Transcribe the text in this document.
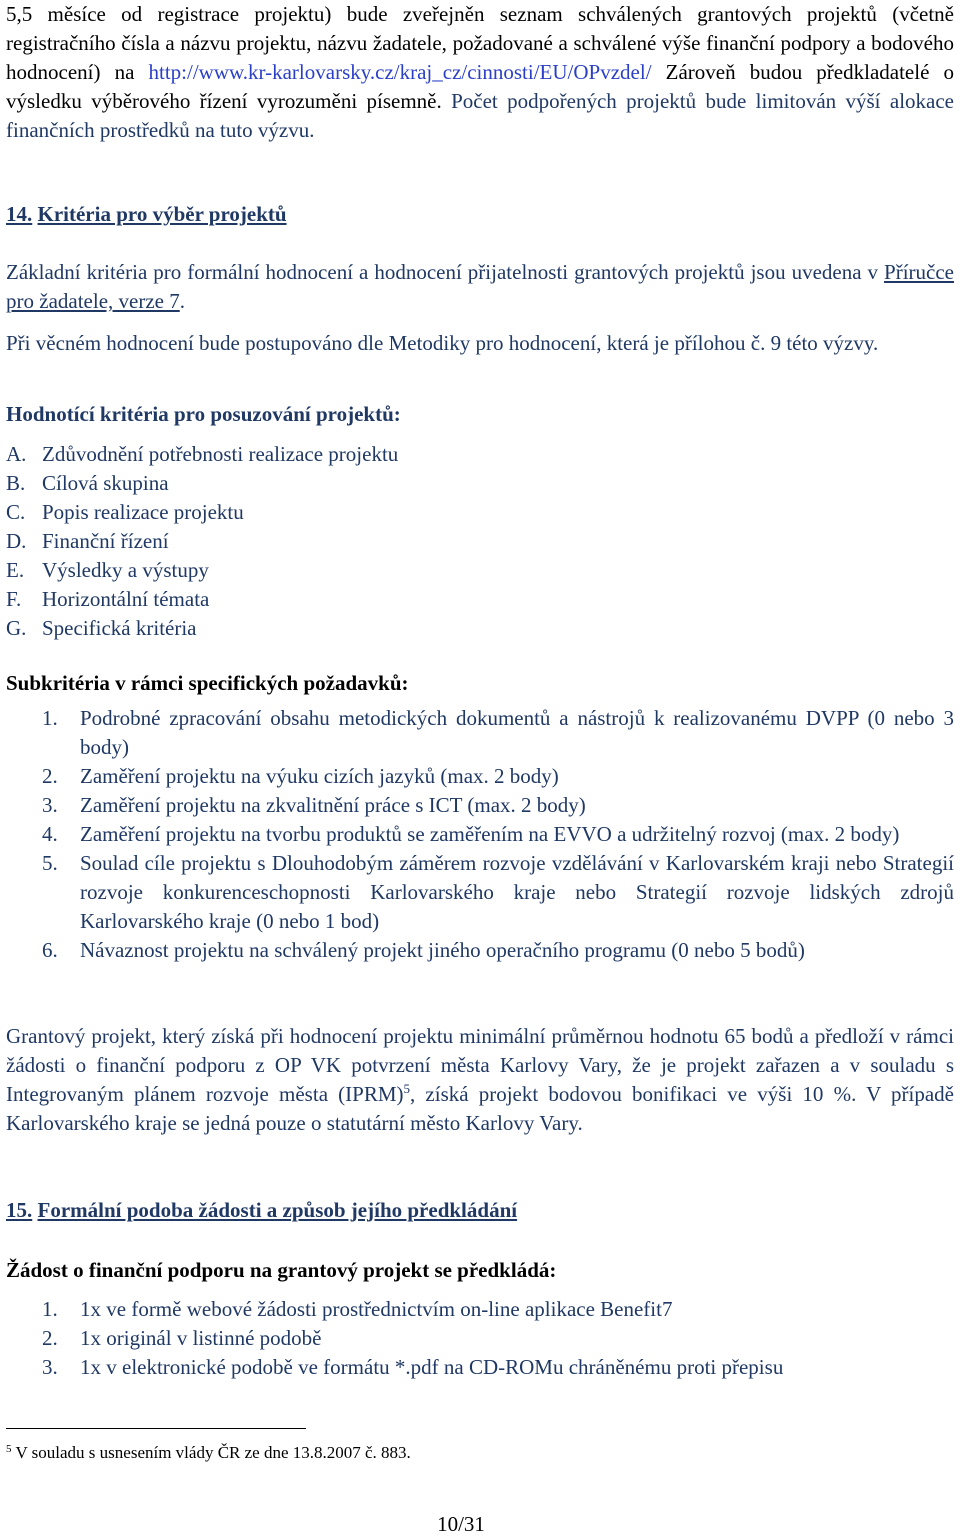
5,5 měsíce od registrace projektu) bude zveřejněn seznam schválených grantových projektů (včetně registračního čísla a názvu projektu, názvu žadatele, požadované a schválené výše finanční podpory a bodového hodnocení) na http://www.kr-karlovarsky.cz/kraj_cz/cinnosti/EU/OPvzdel/ Zároveň budou předkladatelé o výsledku výběrového řízení vyrozuměni písemně. Počet podpořených projektů bude limitován výší alokace finančních prostředků na tuto výzvu.
14. Kritéria pro výběr projektů
Základní kritéria pro formální hodnocení a hodnocení přijatelnosti grantových projektů jsou uvedena v Příručce pro žadatele, verze 7.
Při věcném hodnocení bude postupováno dle Metodiky pro hodnocení, která je přílohou č. 9 této výzvy.
Hodnotící kritéria pro posuzování projektů:
A. Zdůvodnění potřebnosti realizace projektu
B. Cílová skupina
C. Popis realizace projektu
D. Finanční řízení
E. Výsledky a výstupy
F. Horizontální témata
G. Specifická kritéria
Subkritéria v rámci specifických požadavků:
1. Podrobné zpracování obsahu metodických dokumentů a nástrojů k realizovanému DVPP (0 nebo 3 body)
2. Zaměření projektu na výuku cizích jazyků (max. 2 body)
3. Zaměření projektu na zkvalitnění práce s ICT (max. 2 body)
4. Zaměření projektu na tvorbu produktů se zaměřením na EVVO a udržitelný rozvoj (max. 2 body)
5. Soulad cíle projektu s Dlouhodobým záměrem rozvoje vzdělávání v Karlovarském kraji nebo Strategií rozvoje konkurenceschopnosti Karlovarského kraje nebo Strategií rozvoje lidských zdrojů Karlovarského kraje (0 nebo 1 bod)
6. Návaznost projektu na schválený projekt jiného operačního programu (0 nebo 5 bodů)
Grantový projekt, který získá při hodnocení projektu minimální průměrnou hodnotu 65 bodů a předloží v rámci žádosti o finanční podporu z OP VK potvrzení města Karlovy Vary, že je projekt zařazen a v souladu s Integrovaným plánem rozvoje města (IPRM)$^5$, získá projekt bodovou bonifikaci ve výši 10 %. V případě Karlovarského kraje se jedná pouze o statutární město Karlovy Vary.
15. Formální podoba žádosti a způsob jejího předkládání
Žádost o finanční podporu na grantový projekt se předkládá:
1. 1x ve formě webové žádosti prostřednictvím on-line aplikace Benefit7
2. 1x originál v listinné podobě
3. 1x v elektronické podobě ve formátu *.pdf na CD-ROMu chráněnému proti přepisu
$^5$ V souladu s usnesením vlády ČR ze dne 13.8.2007 č. 883.
10/31
